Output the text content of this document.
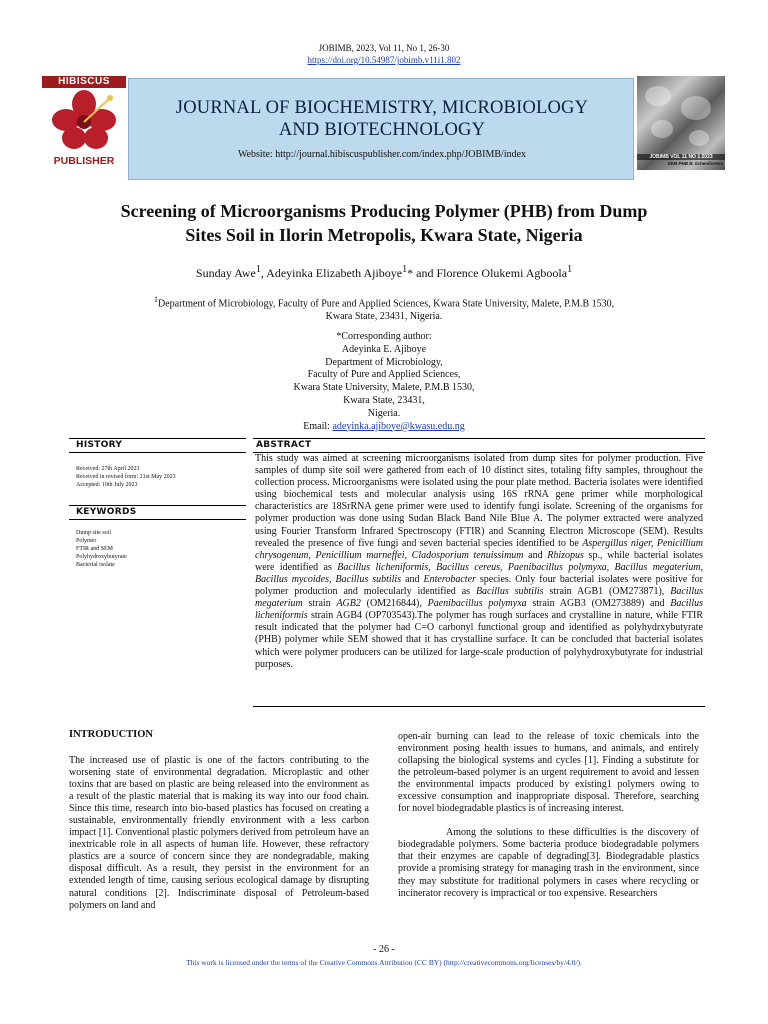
JOBIMB, 2023, Vol 11, No 1, 26-30
https://doi.org/10.54987/jobimb.v11i1.802
HIBISCUS
PUBLISHER
JOURNAL OF BIOCHEMISTRY, MICROBIOLOGY
AND BIOTECHNOLOGY
Website: http://journal.hibiscuspublisher.com/index.php/JOBIMB/index	JOBIMB VOL 11 NO 1 2023
SEM PHB B. licheniformis
Screening of Microorganisms Producing Polymer (PHB) from Dump
Sites Soil in Ilorin Metropolis, Kwara State, Nigeria
Sunday Awe$^1$, Adeyinka Elizabeth Ajiboye$^1$* and Florence Olukemi Agboola$^1$
$^1$Department of Microbiology, Faculty of Pure and Applied Sciences, Kwara State University, Malete, P.M.B 1530,
Kwara State, 23431, Nigeria.
*Corresponding author:
Adeyinka E. Ajiboye
Department of Microbiology,
Faculty of Pure and Applied Sciences,
Kwara State University, Malete, P.M.B 1530,
Kwara State, 23431,
Nigeria.
Email: adeyinka.ajiboye@kwasu.edu.ng
HISTORY
Received: 27th April 2023
Received in revised form: 21st May 2023
Accepted: 10th July 2023
KEYWORDS
Dump site soil
Polymer
FTIR and SEM
Polyhydroxybutyrate
Bacterial isolate
ABSTRACT
This study was aimed at screening microorganisms isolated from dump sites for polymer production. Five samples of dump site soil were gathered from each of 10 distinct sites, totaling fifty samples, throughout the collection process. Microorganisms were isolated using the pour plate method. Bacteria isolates were identified using biochemical tests and molecular analysis using 16S rRNA gene primer while morphological characteristics are 18SrRNA gene primer were used to identify fungi isolate. Screening of the organisms for polymer production was done using Sudan Black Band Nile Blue A. The polymer extracted were analyzed using Fourier Transform Infrared Spectroscopy (FTIR) and Scanning Electron Microscope (SEM). Results revealed the presence of five fungi and seven bacterial species identified to be Aspergillus niger, Penicillium chrysogenum, Penicillium marneffei, Cladosporium tenuissimum and Rhizopus sp., while bacterial isolates were identified as Bacillus licheniformis, Bacillus cereus, Paenibacillus polymyxa, Bacillus megaterium, Bacillus mycoides, Bacillus subtilis and Enterobacter species. Only four bacterial isolates were positive for polymer production and molecularly identified as Bacillus subtilis strain AGB1 (OM273871), Bacillus megaterium strain AGB2 (OM216844), Paenibacillus polymyxa strain AGB3 (OM273889) and Bacillus licheniformis strain AGB4 (OP703543).The polymer has rough surfaces and crystalline in nature, while FTIR result indicated that the polymer had C=O carbonyl functional group and identified as polyhydrxybutyrate (PHB) polymer while SEM showed that it has crystalline surface. It can be concluded that bacterial isolates which were polymer producers can be utilized for large-scale production of polyhydroxybutyrate for industrial purposes.
INTRODUCTION

The increased use of plastic is one of the factors contributing to the worsening state of environmental degradation. Microplastic and other toxins that are based on plastic are being released into the environment as a result of the plastic material that is making its way into our food chain. Since this time, research into bio-based plastics has focused on creating a sustainable, environmentally friendly environment with a less carbon impact [1]. Conventional plastic polymers derived from petroleum have an inextricable role in all aspects of human life. However, these refractory plastics are a source of concern since they are nondegradable, making disposal difficult. As a result, they persist in the environment for an extended length of time, causing serious ecological damage by disrupting natural conditions [2]. Indiscriminate disposal of Petroleum-based polymers on land and

open-air burning can lead to the release of toxic chemicals into the environment posing health issues to humans, and animals, and entirely collapsing the biological systems and cycles [1]. Finding a substitute for the petroleum-based polymer is an urgent requirement to avoid and lessen the environmental impacts produced by existing1 polymers owing to excessive consumption and inappropriate disposal. Therefore, searching for novel biodegradable plastics is of increasing interest.

Among the solutions to these difficulties is the discovery of biodegradable polymers. Some bacteria produce biodegradable polymers that their enzymes are capable of degrading[3]. Biodegradable plastics provide a promising strategy for managing trash in the environment, since they may substitute for traditional polymers in cases where recycling or incinerator recovery is impractical or too expensive. Researchers

- 26 -
This work is licensed under the terms of the Creative Commons Attribution (CC BY) (http://creativecommons.org/licenses/by/4.0/).
